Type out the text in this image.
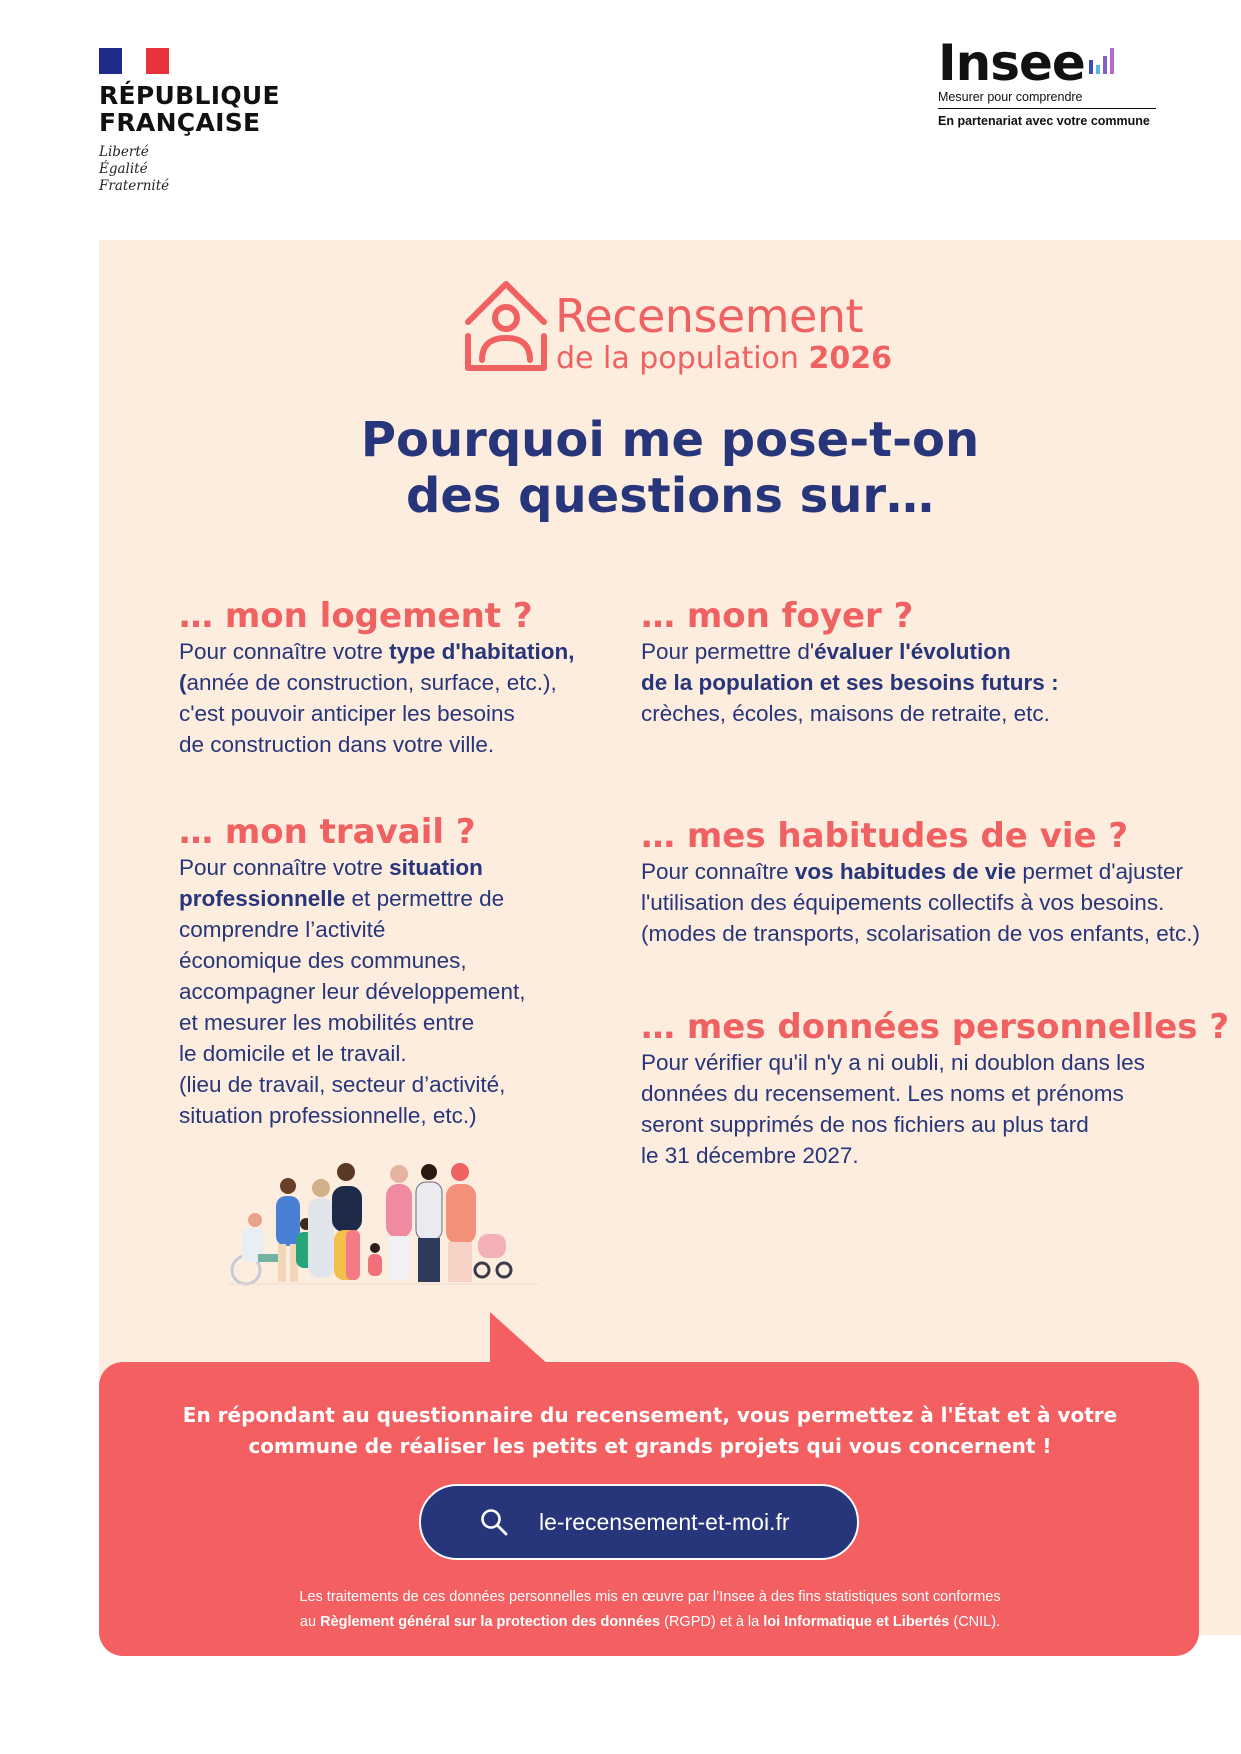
RÉPUBLIQUE
FRANÇAISE
Liberté
Égalité
Fraternité
Insee
Mesurer pour comprendre
En partenariat avec votre commune
Recensement
de la population 2026
Pourquoi me pose-t-on
des questions sur…
… mon logement ?
Pour connaître votre type d'habitation,
(année de construction, surface, etc.),
c'est pouvoir anticiper les besoins
de construction dans votre ville.
… mon foyer ?
Pour permettre d'évaluer l'évolution
de la population et ses besoins futurs :
crèches, écoles, maisons de retraite, etc.
… mon travail ?
Pour connaître votre situation
professionnelle et permettre de
comprendre l’activité
économique des communes,
accompagner leur développement,
et mesurer les mobilités entre
le domicile et le travail.
(lieu de travail, secteur d’activité,
situation professionnelle, etc.)
… mes habitudes de vie ?
Pour connaître vos habitudes de vie permet d'ajuster
l'utilisation des équipements collectifs à vos besoins.
(modes de transports, scolarisation de vos enfants, etc.)
… mes données personnelles ?
Pour vérifier qu'il n'y a ni oubli, ni doublon dans les
données du recensement. Les noms et prénoms
seront supprimés de nos fichiers au plus tard
le 31 décembre 2027.
En répondant au questionnaire du recensement, vous permettez à l'État et à votre
commune de réaliser les petits et grands projets qui vous concernent !
le-recensement-et-moi.fr
Les traitements de ces données personnelles mis en œuvre par l’Insee à des fins statistiques sont conformes
au Règlement général sur la protection des données (RGPD) et à la loi Informatique et Libertés (CNIL).
